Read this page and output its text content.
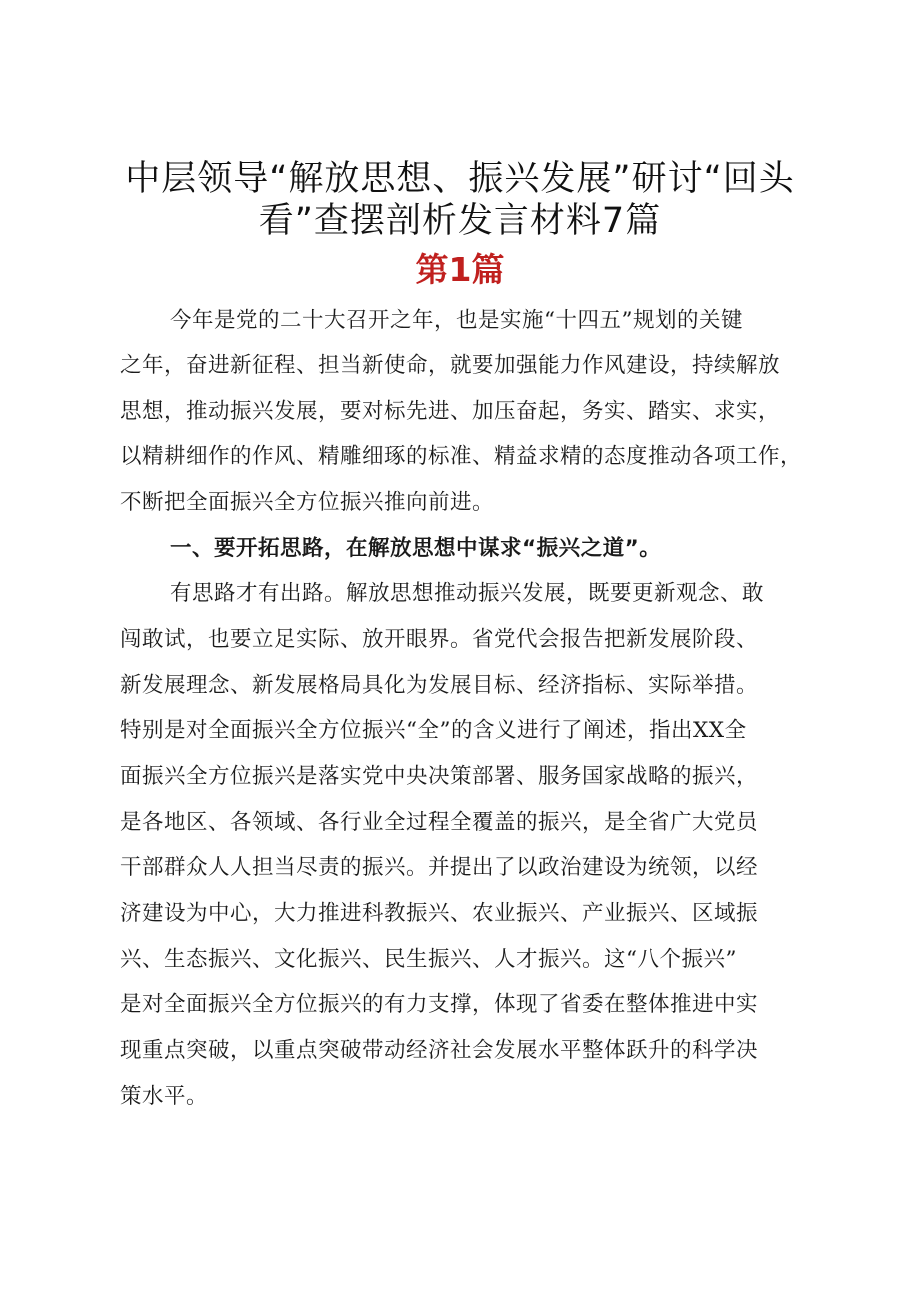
中层领导“解放思想、振兴发展”研讨“回头
看”查摆剖析发言材料7篇
第1篇
今年是党的二十大召开之年，也是实施“十四五”规划的关键
之年，奋进新征程、担当新使命，就要加强能力作风建设，持续解放
思想，推动振兴发展，要对标先进、加压奋起，务实、踏实、求实，
以精耕细作的作风、精雕细琢的标准、精益求精的态度推动各项工作，
不断把全面振兴全方位振兴推向前进。
一、要开拓思路，在解放思想中谋求“振兴之道”。
有思路才有出路。解放思想推动振兴发展，既要更新观念、敢
闯敢试，也要立足实际、放开眼界。省党代会报告把新发展阶段、
新发展理念、新发展格局具化为发展目标、经济指标、实际举措。
特别是对全面振兴全方位振兴“全”的含义进行了阐述，指出XX全
面振兴全方位振兴是落实党中央决策部署、服务国家战略的振兴，
是各地区、各领域、各行业全过程全覆盖的振兴，是全省广大党员
干部群众人人担当尽责的振兴。并提出了以政治建设为统领，以经
济建设为中心，大力推进科教振兴、农业振兴、产业振兴、区域振
兴、生态振兴、文化振兴、民生振兴、人才振兴。这“八个振兴”
是对全面振兴全方位振兴的有力支撑，体现了省委在整体推进中实
现重点突破，以重点突破带动经济社会发展水平整体跃升的科学决
策水平。
